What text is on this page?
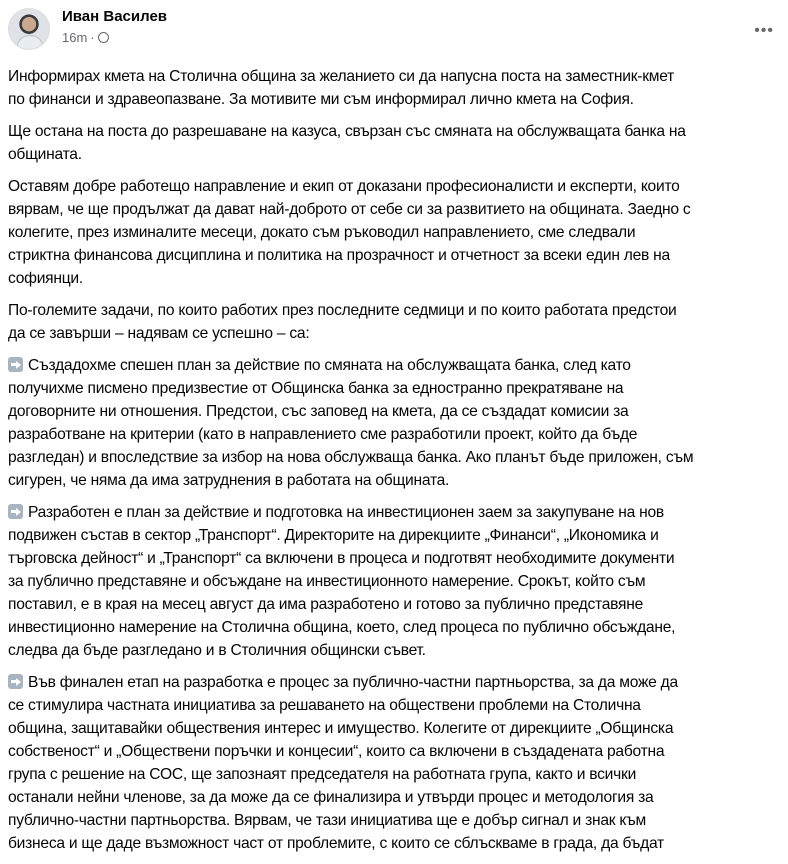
Иван Василев
16m ·	•••
Информирах кмета на Столична община за желанието си да напусна поста на заместник-кмет
по финанси и здравеопазване. За мотивите ми съм информирал лично кмета на София.
Ще остана на поста до разрешаване на казуса, свързан със смяната на обслужващата банка на
общината.
Оставям добре работещо направление и екип от доказани професионалисти и експерти, които
вярвам, че ще продължат да дават най-доброто от себе си за развитието на общината. Заедно с
колегите, през изминалите месеци, докато съм ръководил направлението, сме следвали
стриктна финансова дисциплина и политика на прозрачност и отчетност за всеки един лев на
софиянци.
По-големите задачи, по които работих през последните седмици и по които работата предстои
да се завърши – надявам се успешно – са:
Създадохме спешен план за действие по смяната на обслужващата банка, след като
получихме писмено предизвестие от Общинска банка за едностранно прекратяване на
договорните ни отношения. Предстои, със заповед на кмета, да се създадат комисии за
разработване на критерии (като в направлението сме разработили проект, който да бъде
разгледан) и впоследствие за избор на нова обслужваща банка. Ако планът бъде приложен, съм
сигурен, че няма да има затруднения в работата на общината.
Разработен е план за действие и подготовка на инвестиционен заем за закупуване на нов
подвижен състав в сектор „Транспорт“. Директорите на дирекциите „Финанси“, „Икономика и
търговска дейност“ и „Транспорт“ са включени в процеса и подготвят необходимите документи
за публично представяне и обсъждане на инвестиционното намерение. Срокът, който съм
поставил, е в края на месец август да има разработено и готово за публично представяне
инвестиционно намерение на Столична община, което, след процеса по публично обсъждане,
следва да бъде разгледано и в Столичния общински съвет.
Във финален етап на разработка е процес за публично-частни партньорства, за да може да
се стимулира частната инициатива за решаването на обществени проблеми на Столична
община, защитавайки обществения интерес и имущество. Колегите от дирекциите „Общинска
собственост“ и „Обществени поръчки и концесии“, които са включени в създадената работна
група с решение на СОС, ще запознаят председателя на работната група, както и всички
останали нейни членове, за да може да се финализира и утвърди процес и методология за
публично-частни партньорства. Вярвам, че тази инициатива ще е добър сигнал и знак към
бизнеса и ще даде възможност част от проблемите, с които се сблъскваме в града, да бъдат
